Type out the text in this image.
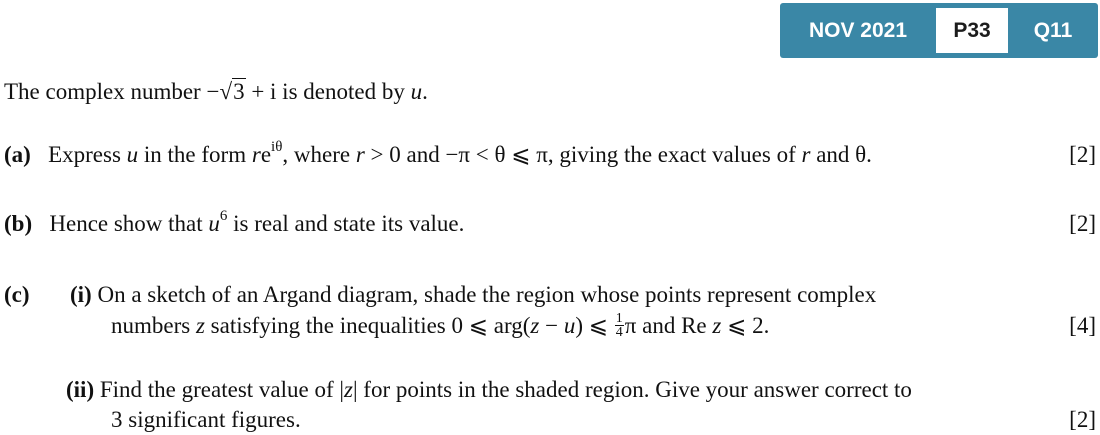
NOV 2021	P33	Q11
The complex number −√3 + i is denoted by u.
(a) Express u in the form $re^{i\theta}$, where r > 0 and −π < θ ⩽ π, giving the exact values of r and θ.	[2]
(b) Hence show that $u^6$ is real and state its value.	[2]
(c) (i) On a sketch of an Argand diagram, shade the region whose points represent complex
numbers z satisfying the inequalities 0 ⩽ arg(z − u) ⩽ $\frac{1}{4}$ π and Re z ⩽ 2.	[4]
(ii) Find the greatest value of |z| for points in the shaded region. Give your answer correct to
3 significant figures.	[2]
